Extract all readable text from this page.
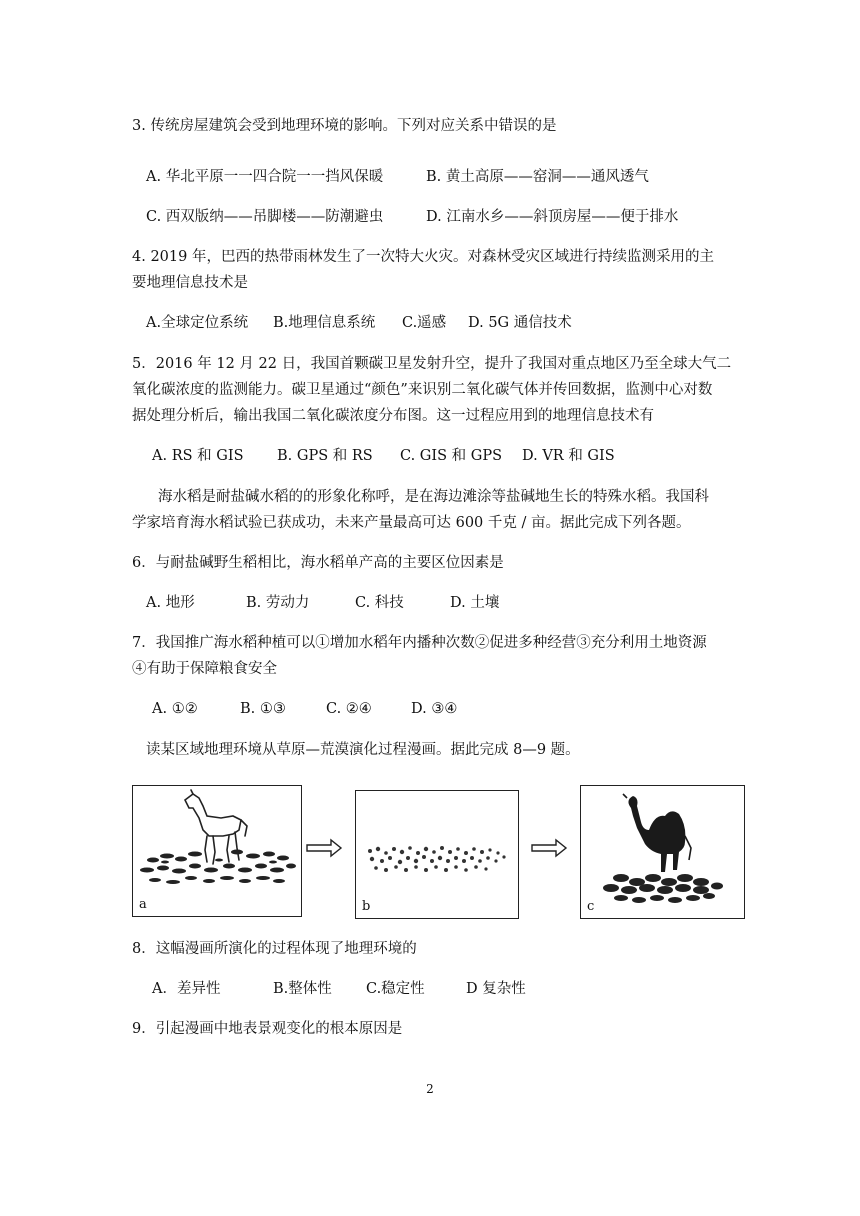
3. 传统房屋建筑会受到地理环境的影响。下列对应关系中错误的是
A. 华北平原一一四合院一一挡风保暖	B. 黄土高原——窑洞——通风透气
C. 西双版纳——吊脚楼——防潮避虫	D. 江南水乡——斜顶房屋——便于排水
4. 2019 年，巴西的热带雨林发生了一次特大火灾。对森林受灾区域进行持续监测采用的主
要地理信息技术是
A.全球定位系统 B.地理信息系统 C.遥感 D. 5G 通信技术
5．2016 年 12 月 22 日，我国首颗碳卫星发射升空，提升了我国对重点地区乃至全球大气二
氧化碳浓度的监测能力。碳卫星通过“颜色”来识别二氧化碳气体并传回数据，监测中心对数
据处理分析后，输出我国二氧化碳浓度分布图。这一过程应用到的地理信息技术有
A. RS 和 GIS B. GPS 和 RS C. GIS 和 GPS D. VR 和 GIS
海水稻是耐盐碱水稻的的形象化称呼，是在海边滩涂等盐碱地生长的特殊水稻。我国科
学家培育海水稻试验已获成功，未来产量最高可达 600 千克 / 亩。据此完成下列各题。
6．与耐盐碱野生稻相比，海水稻单产高的主要区位因素是
A. 地形	B. 劳动力	C. 科技	D. 土壤
7．我国推广海水稻种植可以①增加水稻年内播种次数②促进多种经营③充分利用土地资源
④有助于保障粮食安全
A. ①②	B. ①③	C. ②④	D. ③④
读某区域地理环境从草原—荒漠演化过程漫画。据此完成 8—9 题。
a	b	c
8．这幅漫画所演化的过程体现了地理环境的
A．差异性	B.整体性 C.稳定性	D 复杂性
9．引起漫画中地表景观变化的根本原因是
2
